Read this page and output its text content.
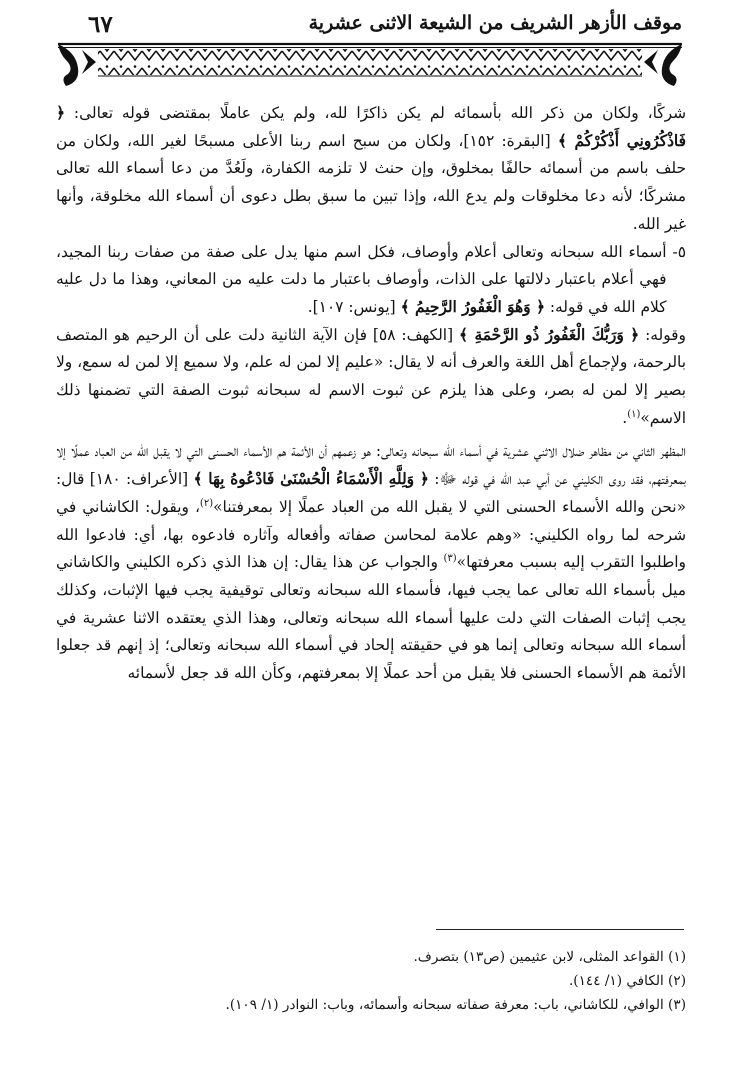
موقف الأزهر الشريف من الشيعة الاثنى عشرية
٦٧

شركًا، ولكان من ذكر الله بأسمائه لم يكن ذاكرًا لله، ولم يكن عاملًا بمقتضى قوله تعالى: ﴿ فَاذْكُرُونِي أَذْكُرْكُمْ ﴾ [البقرة: ١٥٢]، ولكان من سبح اسم ربنا الأعلى مسبحًا لغير الله، ولكان من حلف باسم من أسمائه حالفًا بمخلوق، وإن حنث لا تلزمه الكفارة، ولَعُدَّ من دعا أسماء الله تعالى مشركًا؛ لأنه دعا مخلوقات ولم يدع الله، وإذا تبين ما سبق بطل دعوى أن أسماء الله مخلوقة، وأنها غير الله.

٥-

أسماء الله سبحانه وتعالى أعلام وأوصاف، فكل اسم منها يدل على صفة من صفات ربنا المجيد، فهي أعلام باعتبار دلالتها على الذات، وأوصاف باعتبار ما دلت عليه من المعاني، وهذا ما دل عليه كلام الله في قوله: ﴿ وَهُوَ الْغَفُورُ الرَّحِيمُ ﴾ [يونس: ١٠٧].

وقوله: ﴿ وَرَبُّكَ الْغَفُورُ ذُو الرَّحْمَةِ ﴾ [الكهف: ٥٨] فإن الآية الثانية دلت على أن الرحيم هو المتصف بالرحمة، ولإجماع أهل اللغة والعرف أنه لا يقال: «عليم إلا لمن له علم، ولا سميع إلا لمن له سمع، ولا بصير إلا لمن له بصر، وعلى هذا يلزم عن ثبوت الاسم له سبحانه ثبوت الصفة التي تضمنها ذلك الاسم»$^{(١)}$.

المظهر الثاني من مظاهر ضلال الاثني عشرية في أسماء الله سبحانه وتعالى: هو زعمهم أن الأئمة هم الأسماء الحسنى التي لا يقبل الله من العباد عملًا إلا بمعرفتهم، فقد روى الكليني عن أبي عبد الله في قوله ﷻ: ﴿ وَلِلَّهِ الْأَسْمَاءُ الْحُسْنَىٰ فَادْعُوهُ بِهَا ﴾ [الأعراف: ١٨٠] قال: «نحن والله الأسماء الحسنى التي لا يقبل الله من العباد عملًا إلا بمعرفتنا»$^{(٢)}$، ويقول: الكاشاني في شرحه لما رواه الكليني: «وهم علامة لمحاسن صفاته وأفعاله وآثاره فادعوه بها، أي: فادعوا الله واطلبوا التقرب إليه بسبب معرفتها»$^{(٣)}$ والجواب عن هذا يقال: إن هذا الذي ذكره الكليني والكاشاني ميل بأسماء الله تعالى عما يجب فيها، فأسماء الله سبحانه وتعالى توقيفية يجب فيها الإثبات، وكذلك يجب إثبات الصفات التي دلت عليها أسماء الله سبحانه وتعالى، وهذا الذي يعتقده الاثنا عشرية في أسماء الله سبحانه وتعالى إنما هو في حقيقته إلحاد في أسماء الله سبحانه وتعالى؛ إذ إنهم قد جعلوا الأئمة هم الأسماء الحسنى فلا يقبل من أحد عملًا إلا بمعرفتهم، وكأن الله قد جعل لأسمائه

(١) القواعد المثلى، لابن عثيمين (ص١٣) بتصرف.
(٢) الكافي (١/ ١٤٤).
(٣) الوافي، للكاشاني، باب: معرفة صفاته سبحانه وأسمائه، وباب: النوادر (١/ ١٠٩).
